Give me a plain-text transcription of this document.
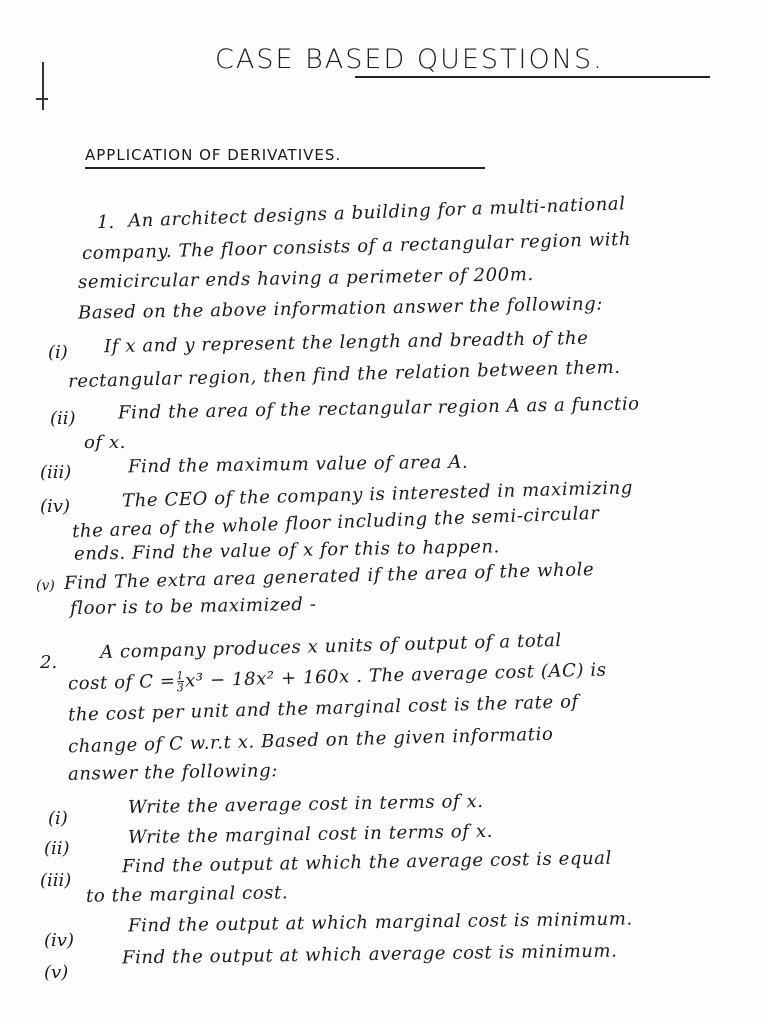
CASE BASED QUESTIONS.
APPLICATION OF DERIVATIVES.
1. An architect designs a building for a multi-national
company. The floor consists of a rectangular region with
semicircular ends having a perimeter of 200m.
Based on the above information answer the following:
(i) If x and y represent the length and breadth of the
rectangular region, then find the relation between them.
(ii) Find the area of the rectangular region A as a functio
of x.
(iii)	Find the maximum value of area A.
(iv)	The CEO of the company is interested in maximizing
the area of the whole floor including the semi-circular
ends. Find the value of x for this to happen.
(v) Find The extra area generated if the area of the whole
floor is to be maximized -
2. A company produces x units of output of a total
cost of $C = \frac{1}{3} x^3 - 18x^2 + 160x$ . The average cost (AC) is
the cost per unit and the marginal cost is the rate of
change of C w.r.t x. Based on the given informatio
answer the following:
(i)
Write the average cost in terms of x.
(ii)
Write the marginal cost in terms of x.
(iii)
Find the output at which the average cost is equal
to the marginal cost.
(iv)
Find the output at which marginal cost is minimum.
(v)
Find the output at which average cost is minimum.
